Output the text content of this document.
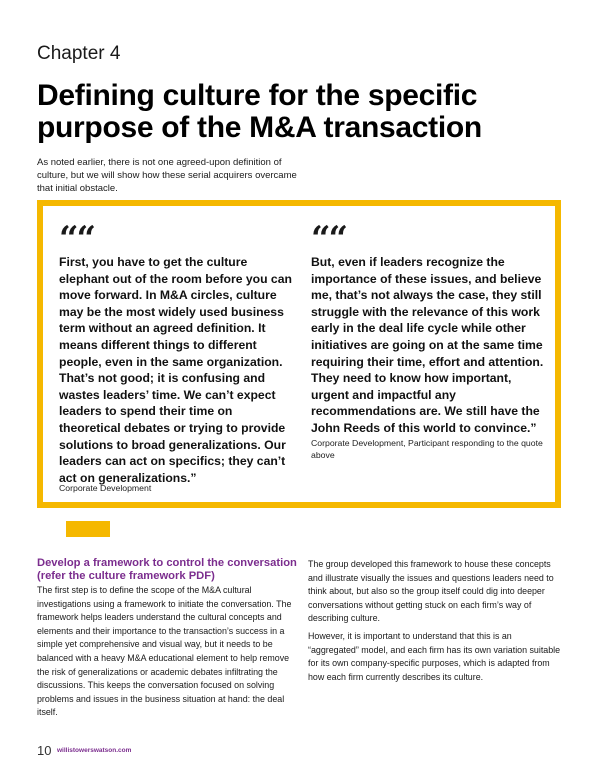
Chapter 4
Defining culture for the specific purpose of the M&A transaction

As noted earlier, there is not one agreed-upon definition of culture, but we will show how these serial acquirers overcame that initial obstacle.

““

First, you have to get the culture elephant out of the room before you can move forward. In M&A circles, culture may be the most widely used business term without an agreed definition. It means different things to different people, even in the same organization. That’s not good; it is confusing and wastes leaders’ time. We can’t expect leaders to spend their time on theoretical debates or trying to provide solutions to broad generalizations. Our leaders can act on specifics; they can’t act on generalizations.”

Corporate Development

““

But, even if leaders recognize the importance of these issues, and believe me, that’s not always the case, they still struggle with the relevance of this work early in the deal life cycle while other initiatives are going on at the same time requiring their time, effort and attention. They need to know how important, urgent and impactful any recommendations are. We still have the John Reeds of this world to convince.”

Corporate Development, Participant responding to the quote above

Develop a framework to control the conversation (refer the culture framework PDF)

The first step is to define the scope of the M&A cultural investigations using a framework to initiate the conversation. The framework helps leaders understand the cultural concepts and elements and their importance to the transaction’s success in a simple yet comprehensive and visual way, but it needs to be balanced with a heavy M&A educational element to help remove the risk of generalizations or academic debates infiltrating the discussions. This keeps the conversation focused on solving problems and issues in the business situation at hand: the deal itself.

The group developed this framework to house these concepts and illustrate visually the issues and questions leaders need to think about, but also so the group itself could dig into deeper conversations without getting stuck on each firm’s way of describing culture.

However, it is important to understand that this is an “aggregated” model, and each firm has its own variation suitable for its own company-specific purposes, which is adapted from how each firm currently describes its culture.

10 willistowerswatson.com
